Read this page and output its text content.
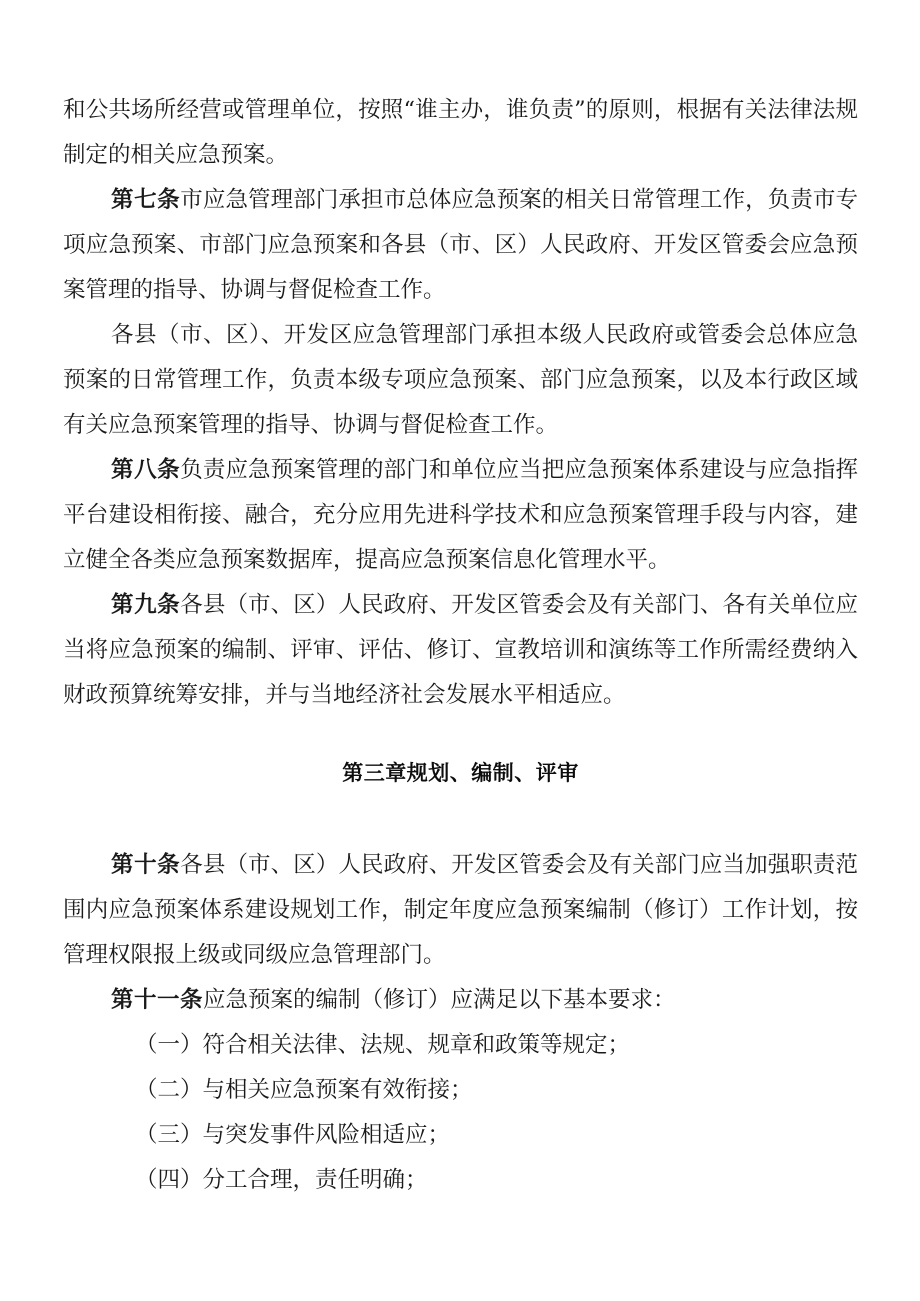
和公共场所经营或管理单位，按照“谁主办，谁负责”的原则，根据有关法律法规制定的相关应急预案。

第七条市应急管理部门承担市总体应急预案的相关日常管理工作，负责市专项应急预案、市部门应急预案和各县（市、区）人民政府、开发区管委会应急预案管理的指导、协调与督促检查工作。

各县（市、区）、开发区应急管理部门承担本级人民政府或管委会总体应急预案的日常管理工作，负责本级专项应急预案、部门应急预案，以及本行政区域有关应急预案管理的指导、协调与督促检查工作。

第八条负责应急预案管理的部门和单位应当把应急预案体系建设与应急指挥平台建设相衔接、融合，充分应用先进科学技术和应急预案管理手段与内容，建立健全各类应急预案数据库，提高应急预案信息化管理水平。

第九条各县（市、区）人民政府、开发区管委会及有关部门、各有关单位应当将应急预案的编制、评审、评估、修订、宣教培训和演练等工作所需经费纳入财政预算统筹安排，并与当地经济社会发展水平相适应。

第三章规划、编制、评审

第十条各县（市、区）人民政府、开发区管委会及有关部门应当加强职责范围内应急预案体系建设规划工作，制定年度应急预案编制（修订）工作计划，按管理权限报上级或同级应急管理部门。

第十一条应急预案的编制（修订）应满足以下基本要求：

（一）符合相关法律、法规、规章和政策等规定；

（二）与相关应急预案有效衔接；

（三）与突发事件风险相适应；

（四）分工合理，责任明确；
